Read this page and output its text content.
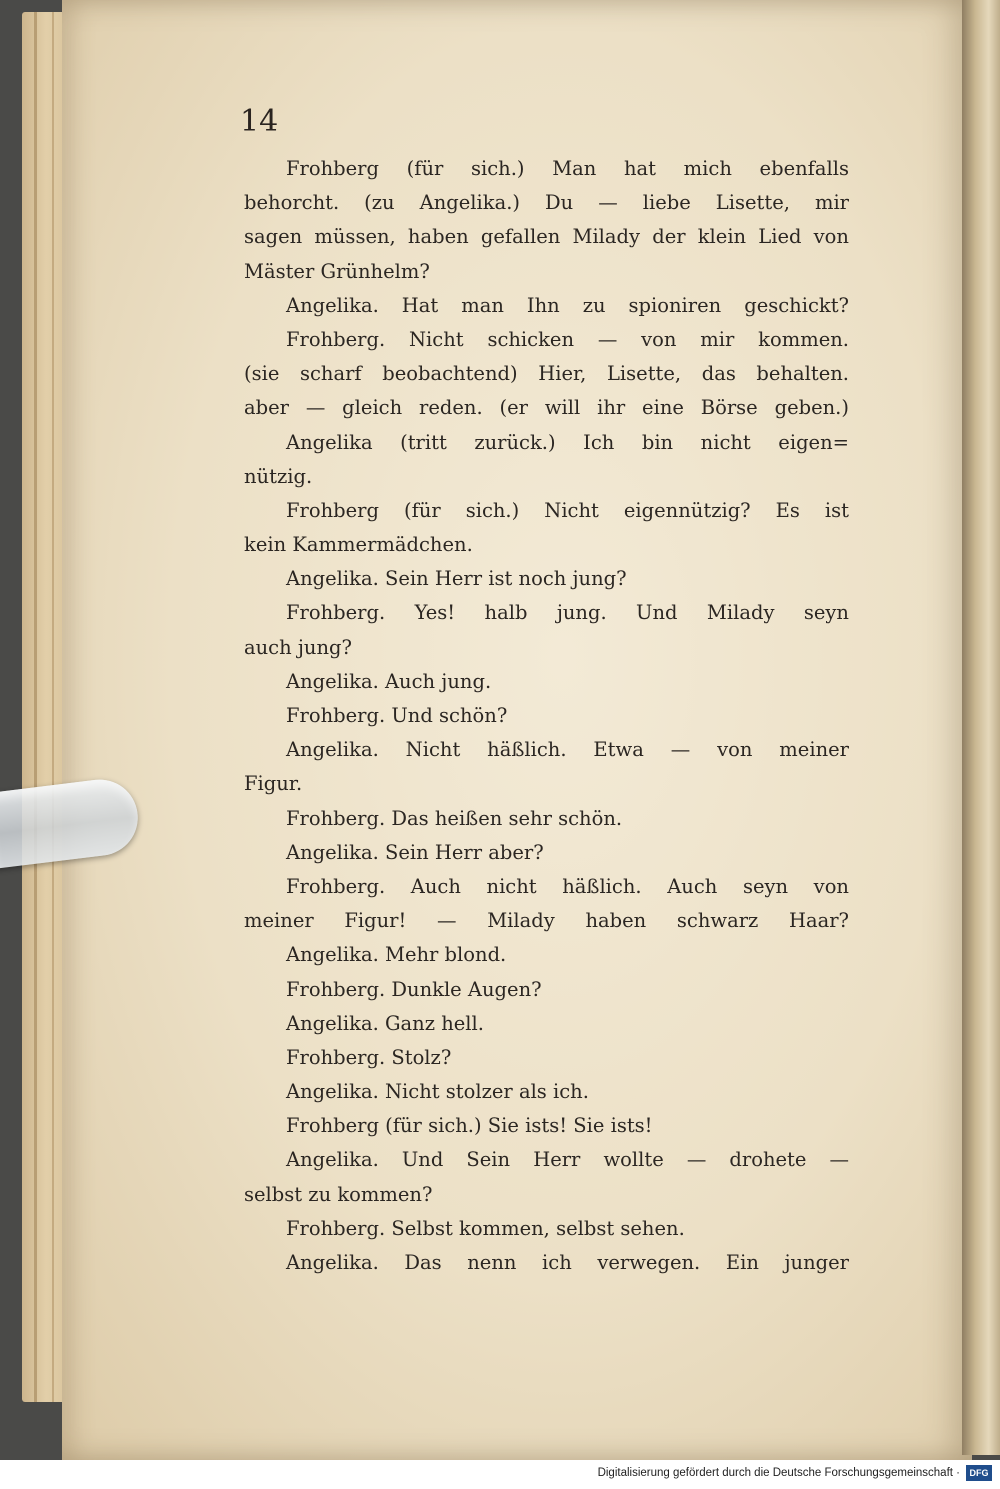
14

Frohberg (für sich.) Man hat mich ebenfalls
behorcht. (zu Angelika.) Du — liebe Lisette, mir
sagen müssen, haben gefallen Milady der klein Lied von
Mäster Grünhelm?
Angelika. Hat man Ihn zu spioniren geschickt?
Frohberg. Nicht schicken — von mir kommen.
(sie scharf beobachtend) Hier, Lisette, das behalten.
aber — gleich reden. (er will ihr eine Börse geben.)
Angelika (tritt zurück.) Ich bin nicht eigen=
nützig.
Frohberg (für sich.) Nicht eigennützig? Es ist
kein Kammermädchen.
Angelika. Sein Herr ist noch jung?
Frohberg. Yes! halb jung. Und Milady seyn
auch jung?
Angelika. Auch jung.
Frohberg. Und schön?
Angelika. Nicht häßlich. Etwa — von meiner
Figur.
Frohberg. Das heißen sehr schön.
Angelika. Sein Herr aber?
Frohberg. Auch nicht häßlich. Auch seyn von
meiner Figur! — Milady haben schwarz Haar?
Angelika. Mehr blond.
Frohberg. Dunkle Augen?
Angelika. Ganz hell.
Frohberg. Stolz?
Angelika. Nicht stolzer als ich.
Frohberg (für sich.) Sie ists! Sie ists!
Angelika. Und Sein Herr wollte — drohete —
selbst zu kommen?
Frohberg. Selbst kommen, selbst sehen.
Angelika. Das nenn ich verwegen. Ein junger
Digitalisierung gefördert durch die Deutsche Forschungsgemeinschaft ·	DFG
